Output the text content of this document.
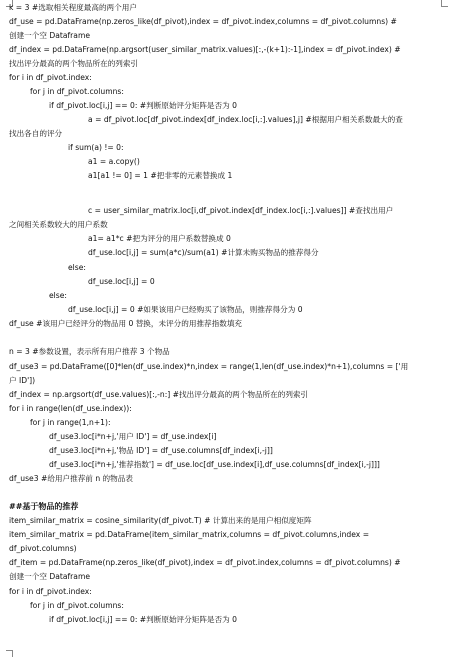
k = 3 #选取相关程度最高的两个用户
df_use = pd.DataFrame(np.zeros_like(df_pivot),index = df_pivot.index,columns = df_pivot.columns) #
创建一个空 Dataframe
df_index = pd.DataFrame(np.argsort(user_similar_matrix.values)[:,-(k+1):-1],index = df_pivot.index) #
找出评分最高的两个物品所在的列索引
for i in df_pivot.index:
for j in df_pivot.columns:
if df_pivot.loc[i,j] == 0: #判断原始评分矩阵是否为 0
a = df_pivot.loc[df_pivot.index[df_index.loc[i,:].values],j] #根据用户相关系数最大的查
找出各自的评分
if sum(a) != 0:
a1 = a.copy()
a1[a1 != 0] = 1 #把非零的元素替换成 1
c = user_similar_matrix.loc[i,df_pivot.index[df_index.loc[i,:].values]] #查找出用户
之间相关系数较大的用户系数
a1= a1*c #把为评分的用户系数替换成 0
df_use.loc[i,j] = sum(a*c)/sum(a1) #计算未购买物品的推荐得分
else:
df_use.loc[i,j] = 0
else:
df_use.loc[i,j] = 0 #如果该用户已经购买了该物品，则推荐得分为 0
df_use #该用户已经评分的物品用 0 替换，未评分的用推荐指数填充
n = 3 #参数设置，表示所有用户推荐 3 个物品
df_use3 = pd.DataFrame([0]*len(df_use.index)*n,index = range(1,len(df_use.index)*n+1),columns = ['用
户 ID'])
df_index = np.argsort(df_use.values)[:,-n:] #找出评分最高的两个物品所在的列索引
for i in range(len(df_use.index)):
for j in range(1,n+1):
df_use3.loc[i*n+j,'用户 ID'] = df_use.index[i]
df_use3.loc[i*n+j,'物品 ID'] = df_use.columns[df_index[i,-j]]
df_use3.loc[i*n+j,'推荐指数'] = df_use.loc[df_use.index[i],df_use.columns[df_index[i,-j]]]
df_use3 #给用户推荐前 n 的物品表
##基于物品的推荐
item_similar_matrix = cosine_similarity(df_pivot.T) # 计算出来的是用户相似度矩阵
item_similar_matrix = pd.DataFrame(item_similar_matrix,columns = df_pivot.columns,index =
df_pivot.columns)
df_item = pd.DataFrame(np.zeros_like(df_pivot),index = df_pivot.index,columns = df_pivot.columns) #
创建一个空 Dataframe
for i in df_pivot.index:
for j in df_pivot.columns:
if df_pivot.loc[i,j] == 0: #判断原始评分矩阵是否为 0
